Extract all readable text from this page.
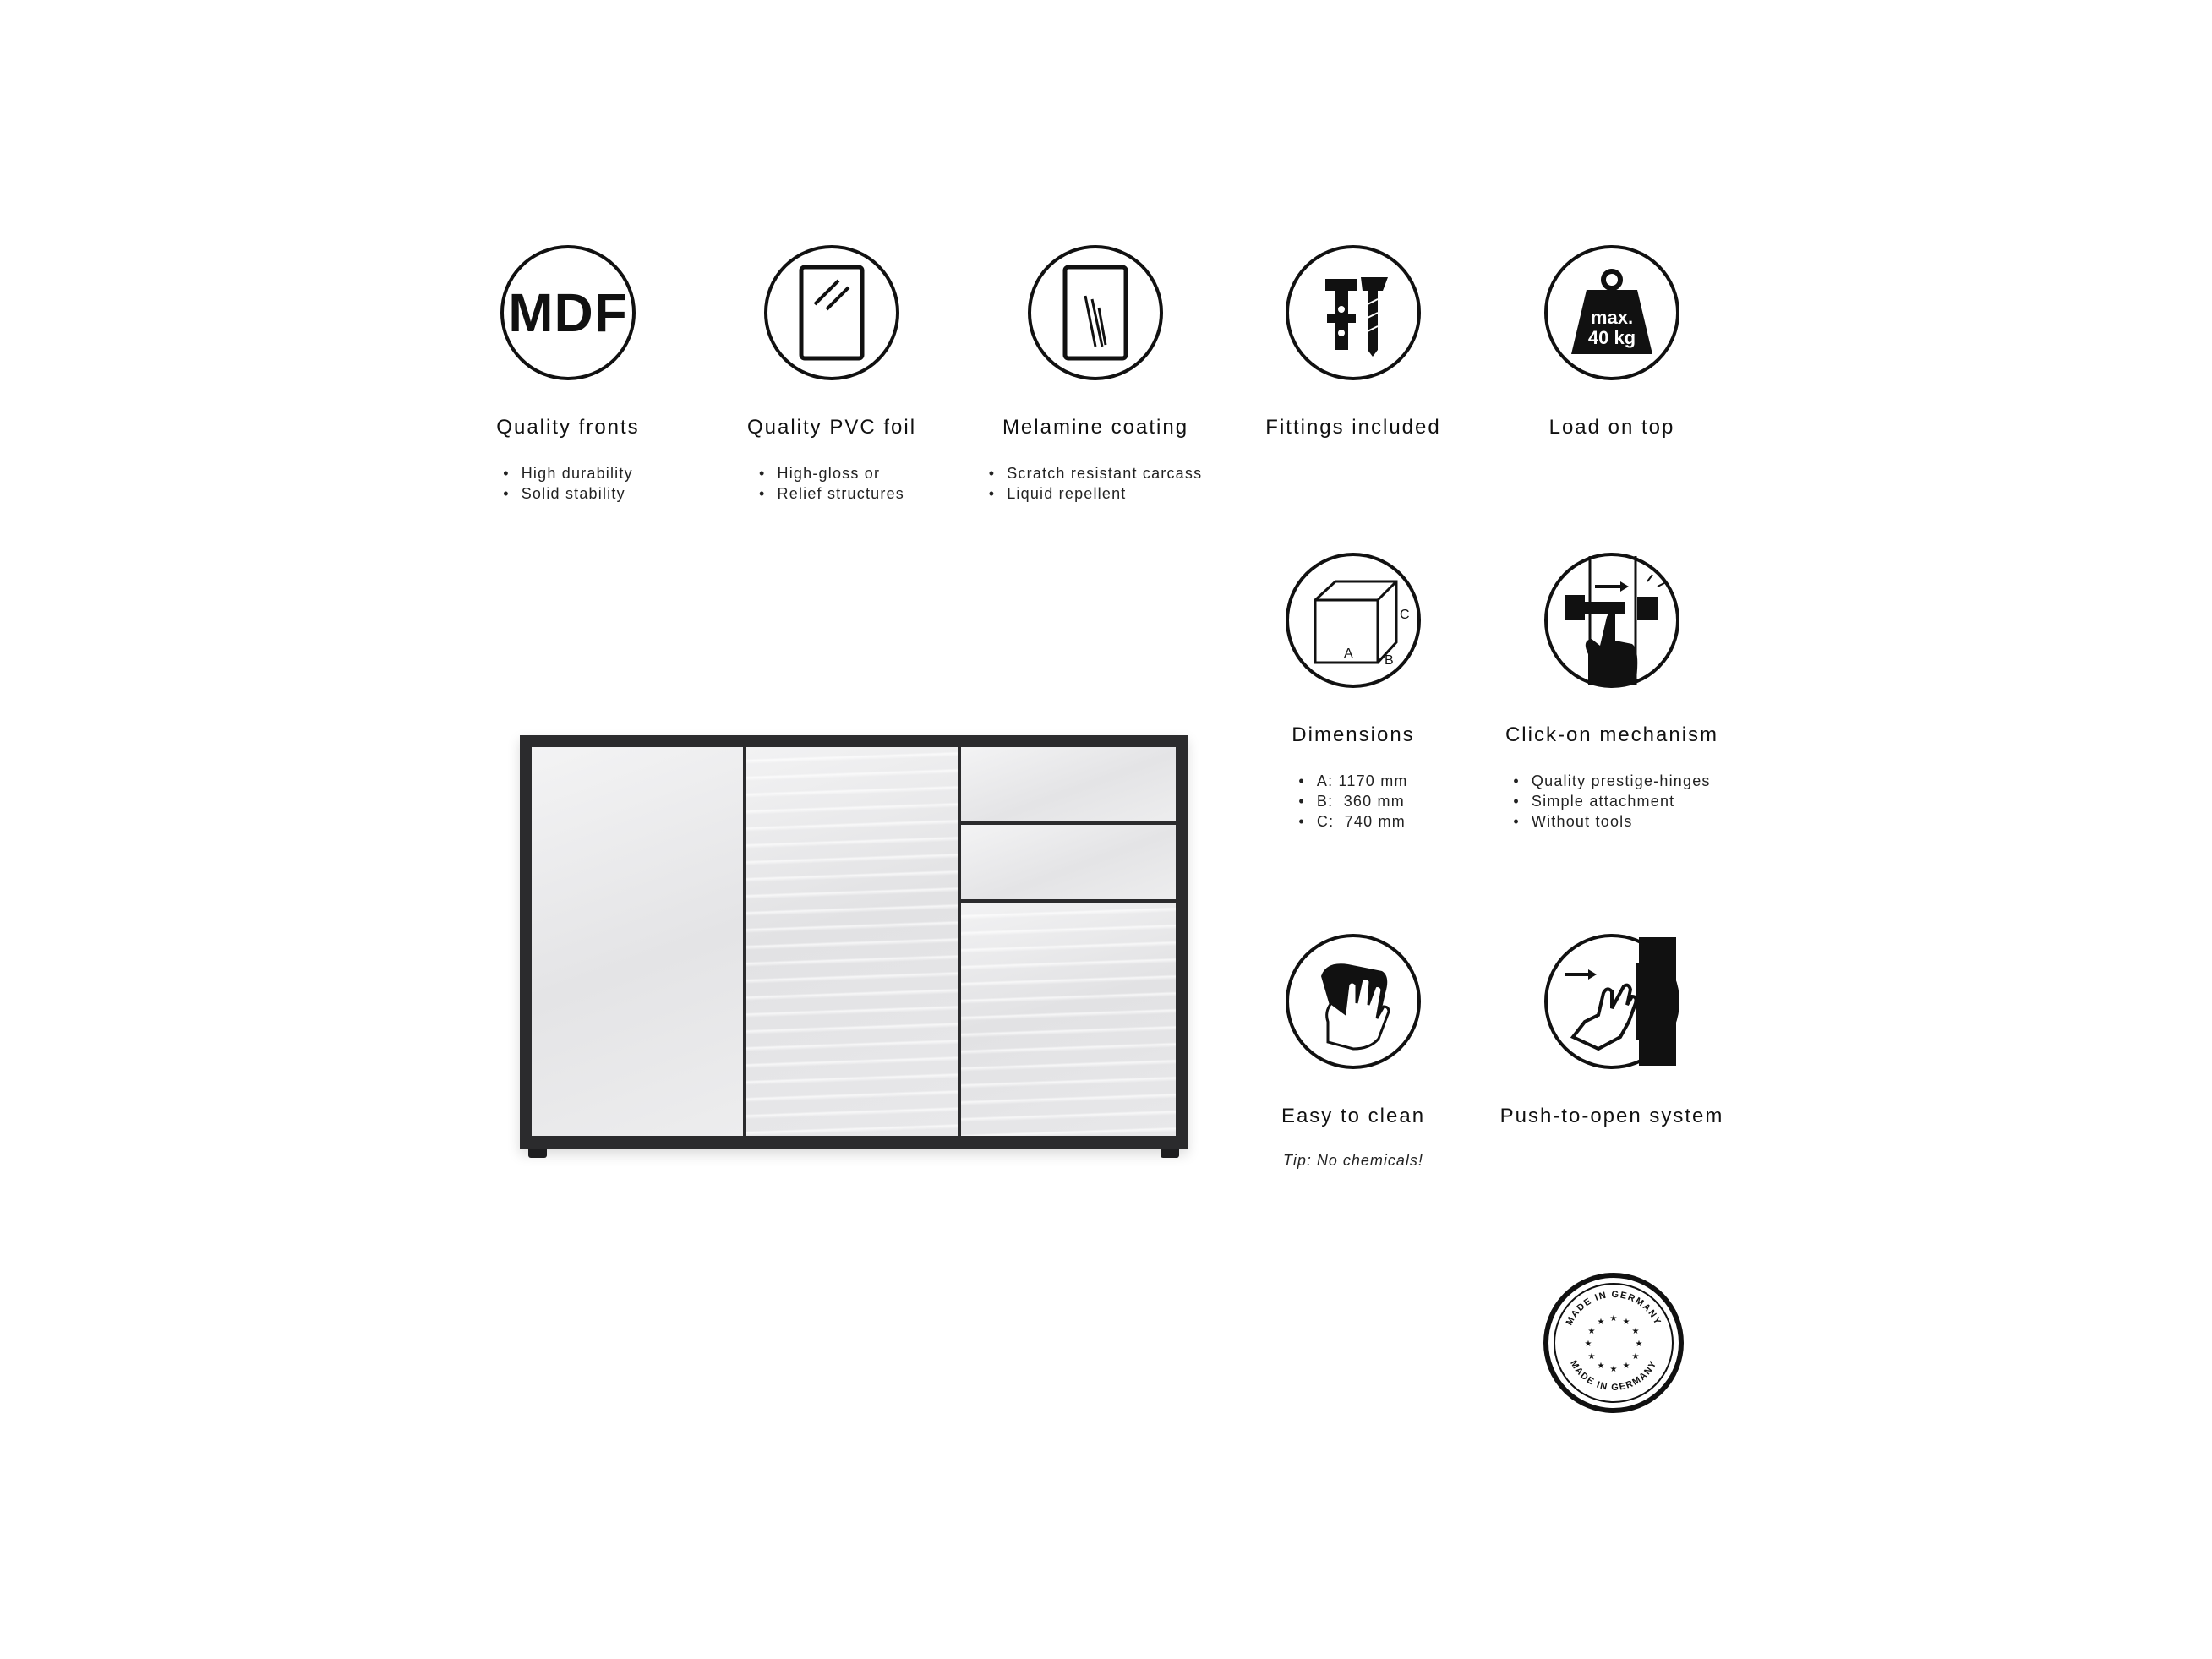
MDF
Quality fronts
• High durability
• Solid stability
Quality PVC foil
• High-gloss or
• Relief structures
Melamine coating
• Scratch resistant carcass
• Liquid repellent
Fittings included
max.
40 kg
Load on top
A B
C
Dimensions
• A: 1170 mm
• B:  360 mm
• C:  740 mm
Click-on mechanism
• Quality prestige-hinges
• Simple attachment
• Without tools
Easy to clean
Tip: No chemicals!
Push-to-open system
MADE IN GERMANY
MADE IN GERMANY
★
★
★
★
★
★
★
★
★ ★ ★
★
